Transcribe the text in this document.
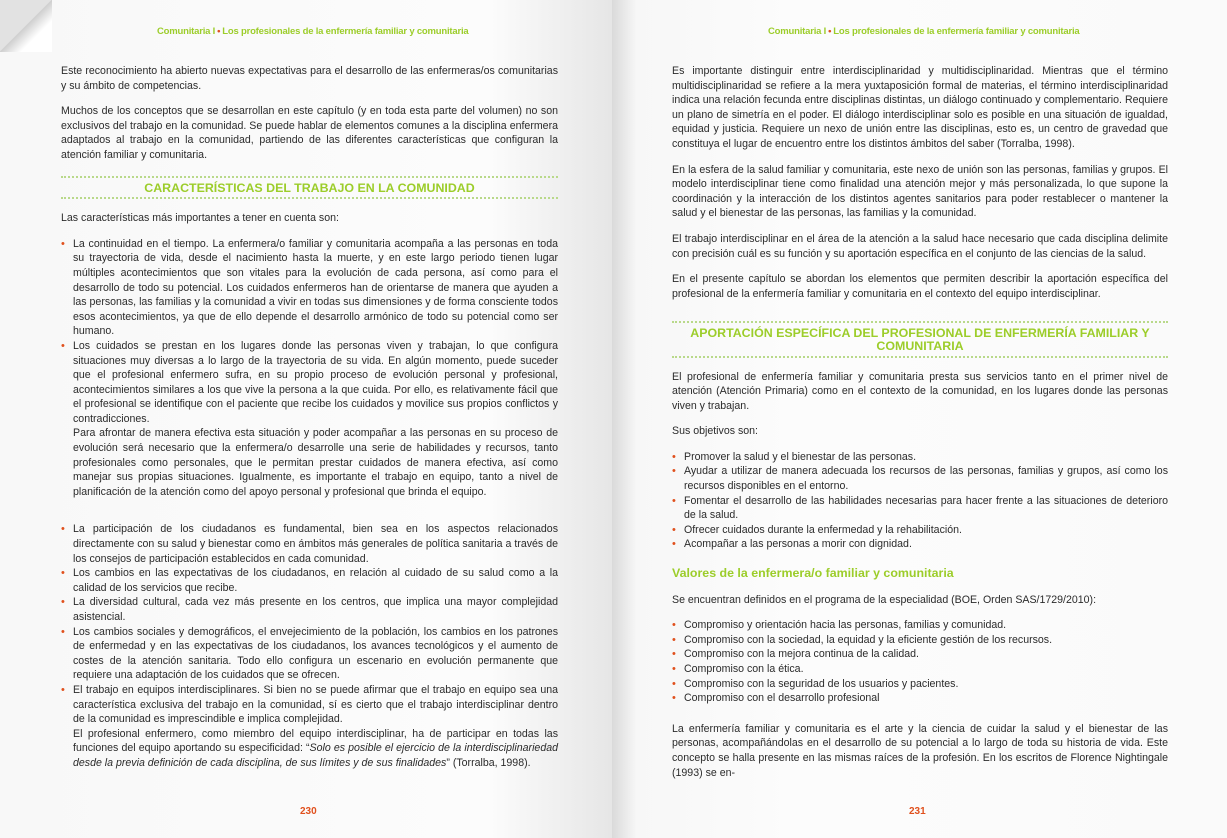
Comunitaria I • Los profesionales de la enfermería familiar y comunitaria

Este reconocimiento ha abierto nuevas expectativas para el desarrollo de las enfermeras/os comunitarias y su ámbito de competencias.

Muchos de los conceptos que se desarrollan en este capítulo (y en toda esta parte del volumen) no son exclusivos del trabajo en la comunidad. Se puede hablar de elementos comunes a la disciplina enfermera adaptados al trabajo en la comunidad, partiendo de las diferentes características que configuran la atención familiar y comunitaria.

CARACTERÍSTICAS DEL TRABAJO EN LA COMUNIDAD

Las características más importantes a tener en cuenta son:

• La continuidad en el tiempo. La enfermera/o familiar y comunitaria acompaña a las personas en toda su trayectoria de vida, desde el nacimiento hasta la muerte, y en este largo periodo tienen lugar múltiples acontecimientos que son vitales para la evolución de cada persona, así como para el desarrollo de todo su potencial. Los cuidados enfermeros han de orientarse de manera que ayuden a las personas, las familias y la comunidad a vivir en todas sus dimensiones y de forma consciente todos esos acontecimientos, ya que de ello depende el desarrollo armónico de todo su potencial como ser humano.
• Los cuidados se prestan en los lugares donde las personas viven y trabajan, lo que configura situaciones muy diversas a lo largo de la trayectoria de su vida. En algún momento, puede suceder que el profesional enfermero sufra, en su propio proceso de evolución personal y profesional, acontecimientos similares a los que vive la persona a la que cuida. Por ello, es relativamente fácil que el profesional se identifique con el paciente que recibe los cuidados y movilice sus propios conflictos y contradicciones.
Para afrontar de manera efectiva esta situación y poder acompañar a las personas en su proceso de evolución será necesario que la enfermera/o desarrolle una serie de habilidades y recursos, tanto profesionales como personales, que le permitan prestar cuidados de manera efectiva, así como manejar sus propias situaciones. Igualmente, es importante el trabajo en equipo, tanto a nivel de planificación de la atención como del apoyo personal y profesional que brinda el equipo.
• La participación de los ciudadanos es fundamental, bien sea en los aspectos relacionados directamente con su salud y bienestar como en ámbitos más generales de política sanitaria a través de los consejos de participación establecidos en cada comunidad.
• Los cambios en las expectativas de los ciudadanos, en relación al cuidado de su salud como a la calidad de los servicios que recibe.
• La diversidad cultural, cada vez más presente en los centros, que implica una mayor complejidad asistencial.
• Los cambios sociales y demográficos, el envejecimiento de la población, los cambios en los patrones de enfermedad y en las expectativas de los ciudadanos, los avances tecnológicos y el aumento de costes de la atención sanitaria. Todo ello configura un escenario en evolución permanente que requiere una adaptación de los cuidados que se ofrecen.
• El trabajo en equipos interdisciplinares. Si bien no se puede afirmar que el trabajo en equipo sea una característica exclusiva del trabajo en la comunidad, sí es cierto que el trabajo interdisciplinar dentro de la comunidad es imprescindible e implica complejidad.
El profesional enfermero, como miembro del equipo interdisciplinar, ha de participar en todas las funciones del equipo aportando su especificidad: “Solo es posible el ejercicio de la interdisciplinariedad desde la previa definición de cada disciplina, de sus límites y de sus finalidades” (Torralba, 1998).
230
Comunitaria I • Los profesionales de la enfermería familiar y comunitaria

Es importante distinguir entre interdisciplinaridad y multidisciplinaridad. Mientras que el término multidisciplinaridad se refiere a la mera yuxtaposición formal de materias, el término interdisciplinaridad indica una relación fecunda entre disciplinas distintas, un diálogo continuado y complementario. Requiere un plano de simetría en el poder. El diálogo interdisciplinar solo es posible en una situación de igualdad, equidad y justicia. Requiere un nexo de unión entre las disciplinas, esto es, un centro de gravedad que constituya el lugar de encuentro entre los distintos ámbitos del saber (Torralba, 1998).

En la esfera de la salud familiar y comunitaria, este nexo de unión son las personas, familias y grupos. El modelo interdisciplinar tiene como finalidad una atención mejor y más personalizada, lo que supone la coordinación y la interacción de los distintos agentes sanitarios para poder restablecer o mantener la salud y el bienestar de las personas, las familias y la comunidad.

El trabajo interdisciplinar en el área de la atención a la salud hace necesario que cada disciplina delimite con precisión cuál es su función y su aportación específica en el conjunto de las ciencias de la salud.

En el presente capítulo se abordan los elementos que permiten describir la aportación específica del profesional de la enfermería familiar y comunitaria en el contexto del equipo interdisciplinar.

APORTACIÓN ESPECÍFICA DEL PROFESIONAL DE ENFERMERÍA FAMILIAR Y COMUNITARIA

El profesional de enfermería familiar y comunitaria presta sus servicios tanto en el primer nivel de atención (Atención Primaria) como en el contexto de la comunidad, en los lugares donde las personas viven y trabajan.

Sus objetivos son:

• Promover la salud y el bienestar de las personas.
• Ayudar a utilizar de manera adecuada los recursos de las personas, familias y grupos, así como los recursos disponibles en el entorno.
• Fomentar el desarrollo de las habilidades necesarias para hacer frente a las situaciones de deterioro de la salud.
• Ofrecer cuidados durante la enfermedad y la rehabilitación.
• Acompañar a las personas a morir con dignidad.
Valores de la enfermera/o familiar y comunitaria

Se encuentran definidos en el programa de la especialidad (BOE, Orden SAS/1729/2010):

• Compromiso y orientación hacia las personas, familias y comunidad.
• Compromiso con la sociedad, la equidad y la eficiente gestión de los recursos.
• Compromiso con la mejora continua de la calidad.
• Compromiso con la ética.
• Compromiso con la seguridad de los usuarios y pacientes.
• Compromiso con el desarrollo profesional

La enfermería familiar y comunitaria es el arte y la ciencia de cuidar la salud y el bienestar de las personas, acompañándolas en el desarrollo de su potencial a lo largo de toda su historia de vida. Este concepto se halla presente en las mismas raíces de la profesión. En los escritos de Florence Nightingale (1993) se en-

231
